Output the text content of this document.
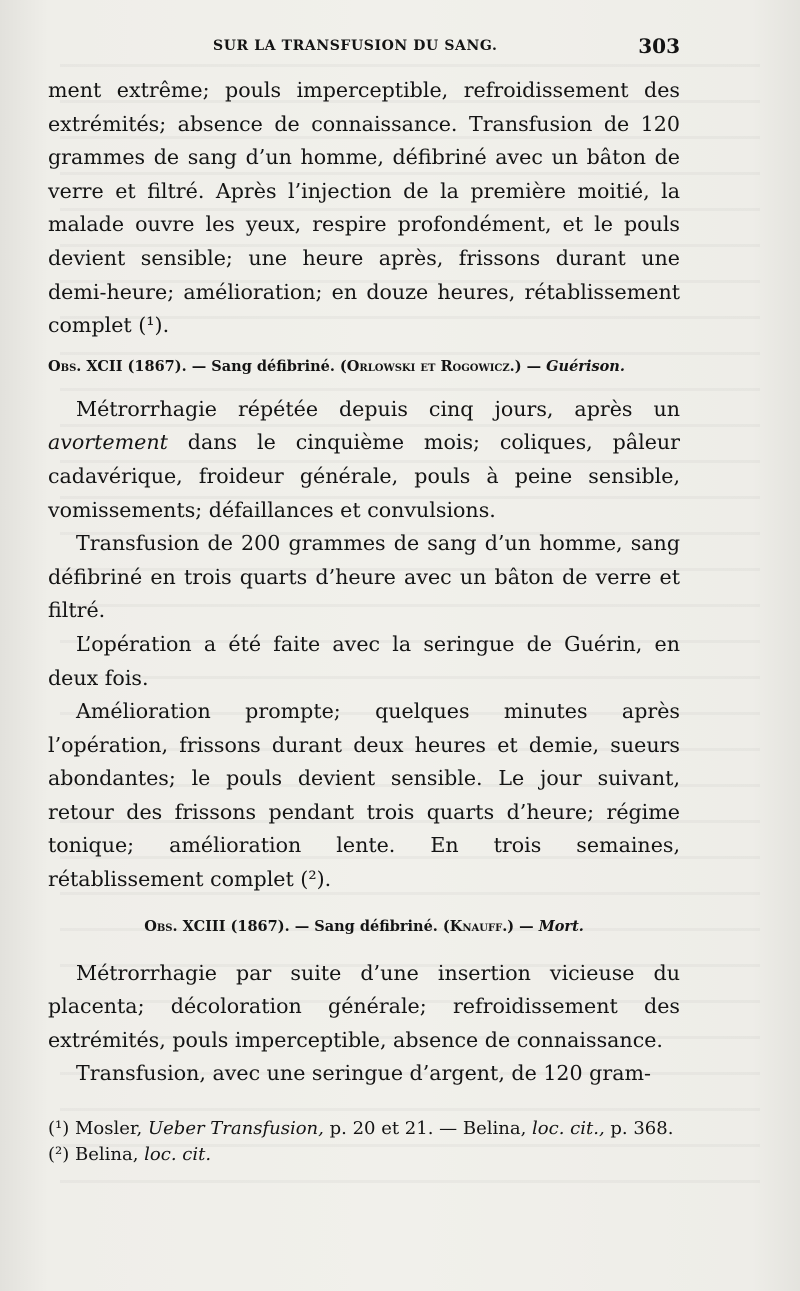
SUR LA TRANSFUSION DU SANG.	303

ment extrême; pouls imperceptible, refroidissement des extrémités; absence de connaissance. Transfusion de 120 grammes de sang d’un homme, défibriné avec un bâton de verre et filtré. Après l’injection de la première moitié, la malade ouvre les yeux, respire profondément, et le pouls devient sensible; une heure après, frissons durant une demi-heure; amélioration; en douze heures, rétablissement complet (¹).

Obs. XCII (1867). — Sang défibriné. (Orlowski et Rogowicz.) — Guérison.

Métrorrhagie répétée depuis cinq jours, après un avortement dans le cinquième mois; coliques, pâleur cadavérique, froideur générale, pouls à peine sensible, vomissements; défaillances et convulsions.

Transfusion de 200 grammes de sang d’un homme, sang défibriné en trois quarts d’heure avec un bâton de verre et filtré.

L’opération a été faite avec la seringue de Guérin, en deux fois.

Amélioration prompte; quelques minutes après l’opération, frissons durant deux heures et demie, sueurs abondantes; le pouls devient sensible. Le jour suivant, retour des frissons pendant trois quarts d’heure; régime tonique; amélioration lente. En trois semaines, rétablissement complet (²).

Obs. XCIII (1867). — Sang défibriné. (Knauff.) — Mort.

Métrorrhagie par suite d’une insertion vicieuse du placenta; décoloration générale; refroidissement des extrémités, pouls imperceptible, absence de connaissance.

Transfusion, avec une seringue d’argent, de 120 gram-

(¹) Mosler, Ueber Transfusion, p. 20 et 21. — Belina, loc. cit., p. 368.

(²) Belina, loc. cit.
